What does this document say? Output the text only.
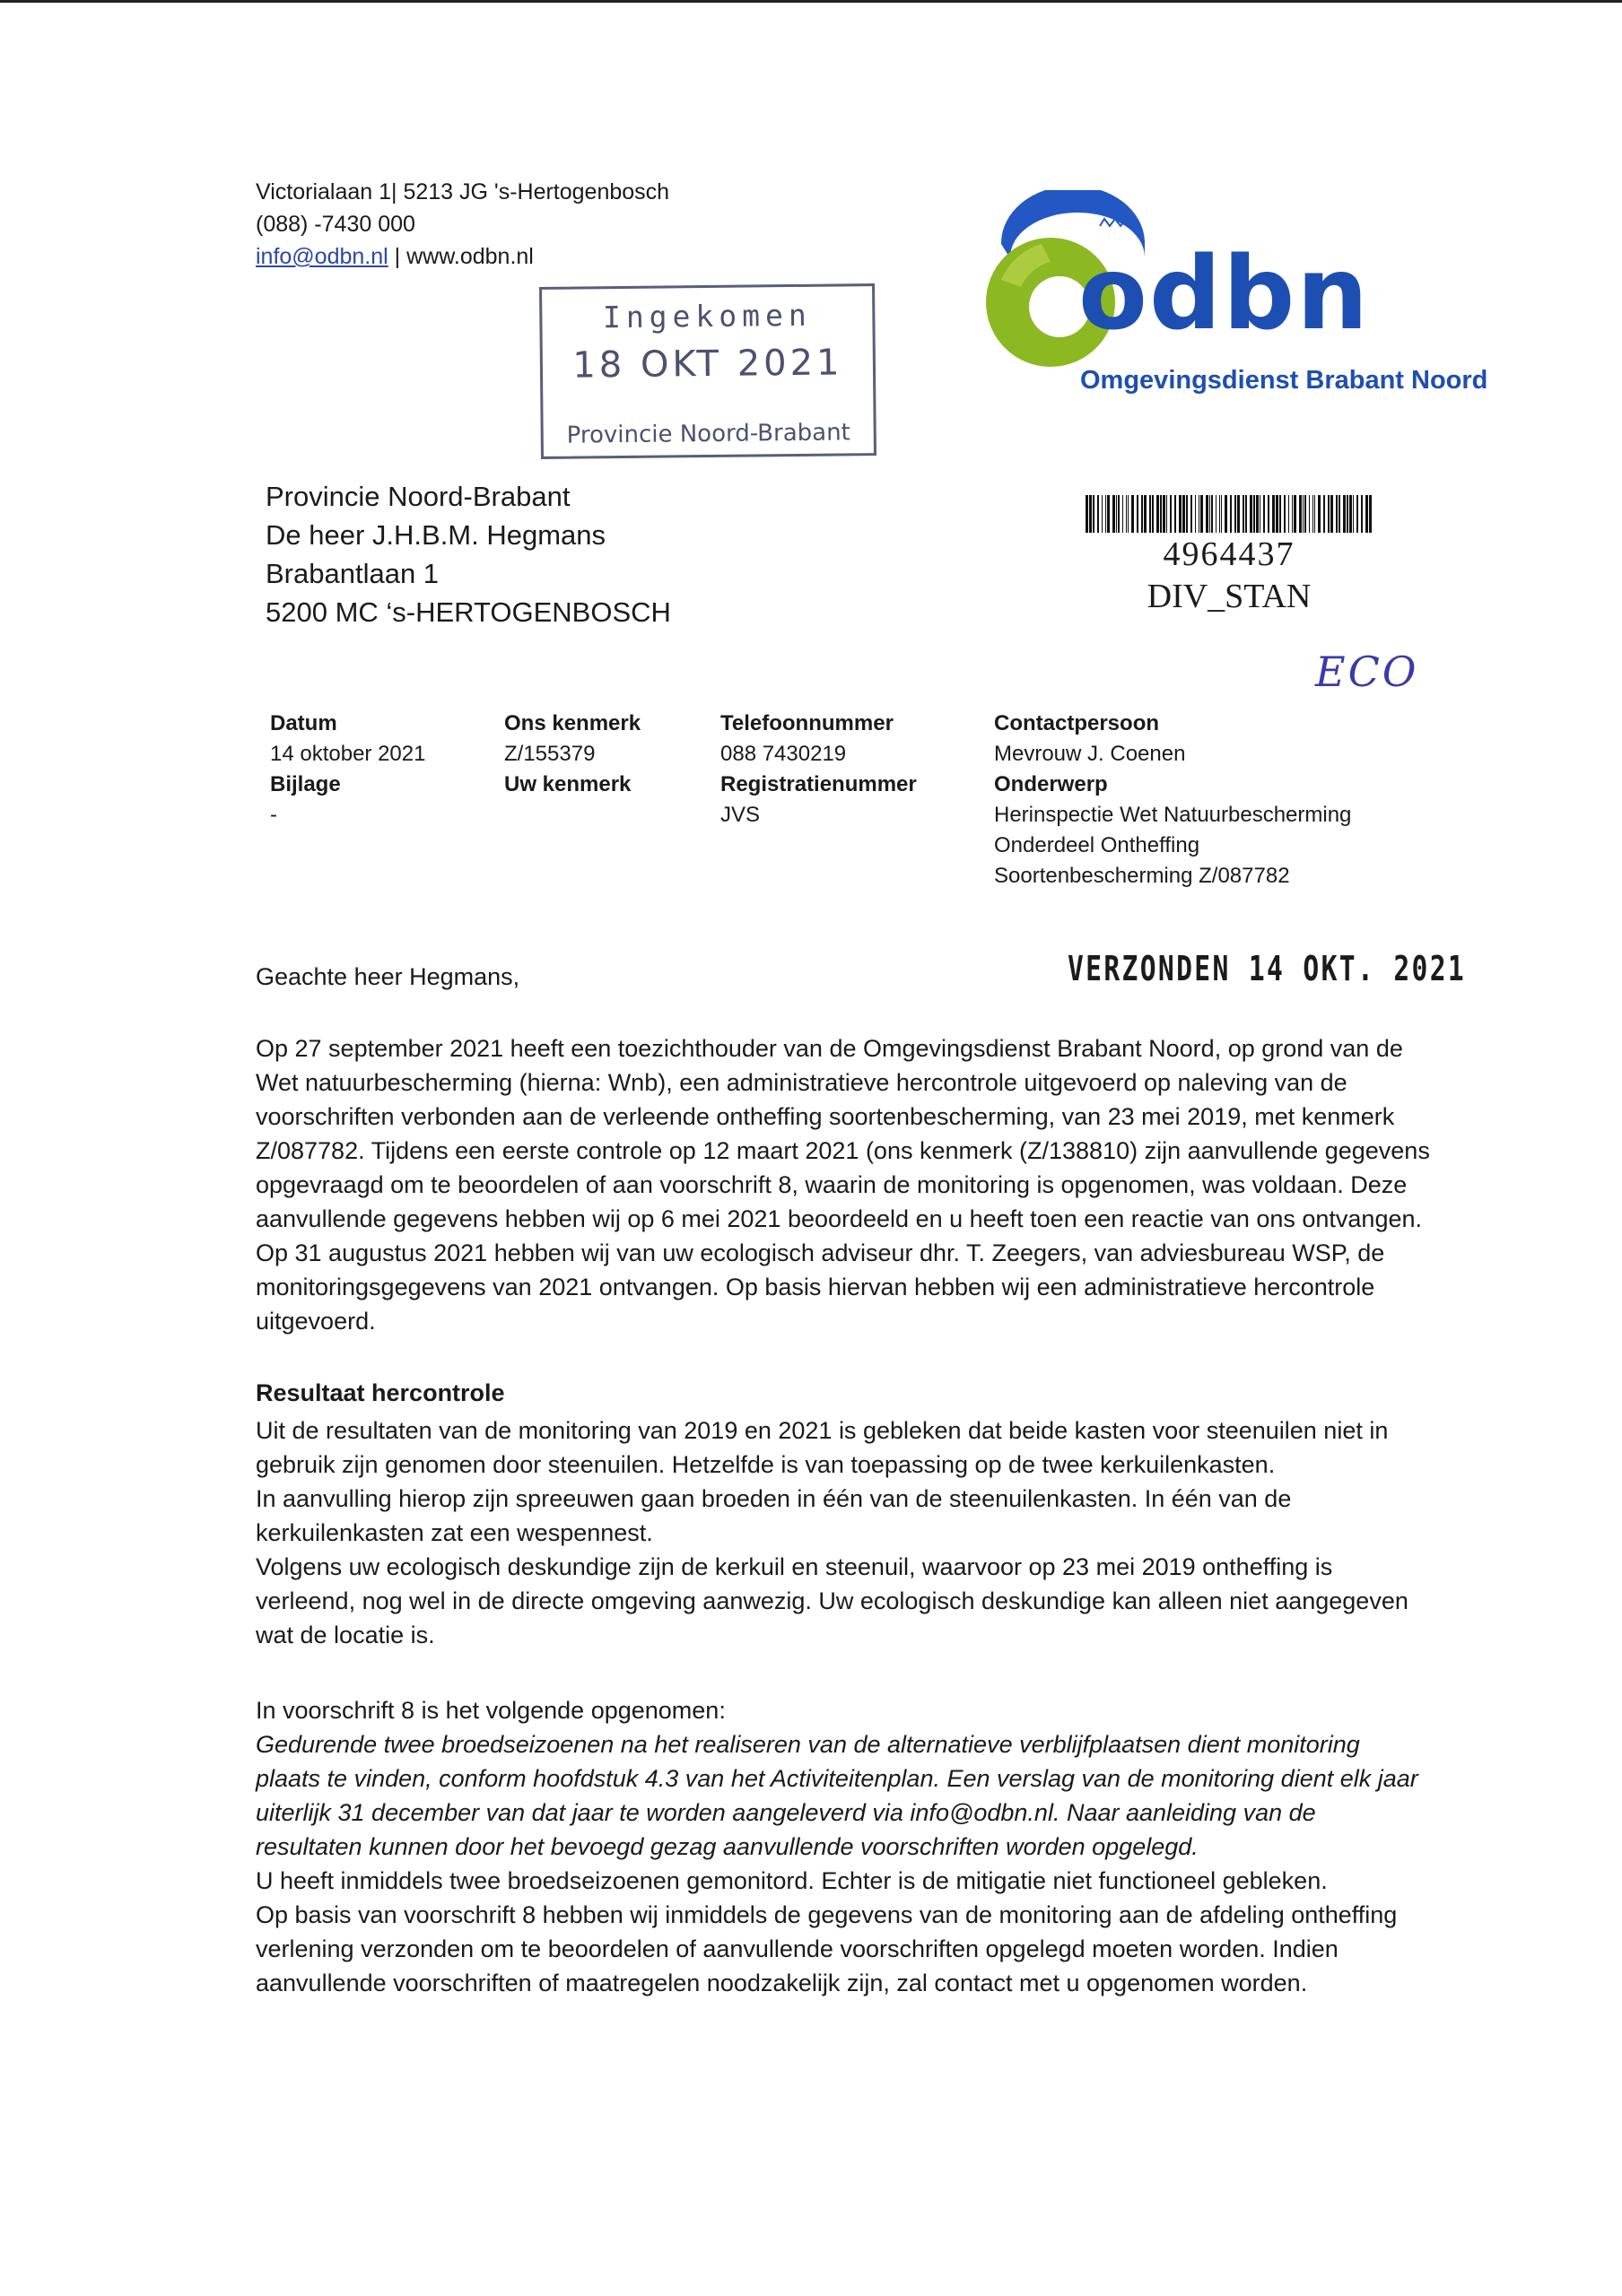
Victorialaan 1| 5213 JG 's-Hertogenbosch
(088) -7430 000
info@odbn.nl | www.odbn.nl
Ingekomen
18 OKT 2021
Provincie Noord-Brabant
odbn
Omgevingsdienst Brabant Noord
Provincie Noord-Brabant
De heer J.H.B.M. Hegmans
Brabantlaan 1
5200 MC ‘s-HERTOGENBOSCH
4964437
DIV_STAN
ECO
Datum
14 oktober 2021
Bijlage
-
Ons kenmerk
Z/155379
Uw kenmerk
Telefoonnummer
088 7430219
Registratienummer
JVS
Contactpersoon
Mevrouw J. Coenen
Onderwerp
Herinspectie Wet Natuurbescherming
Onderdeel Ontheffing
Soortenbescherming Z/087782
Geachte heer Hegmans,	VERZONDEN 14 OKT. 2021

Op 27 september 2021 heeft een toezichthouder van de Omgevingsdienst Brabant Noord, op grond van de
Wet natuurbescherming (hierna: Wnb), een administratieve hercontrole uitgevoerd op naleving van de
voorschriften verbonden aan de verleende ontheffing soortenbescherming, van 23 mei 2019, met kenmerk
Z/087782. Tijdens een eerste controle op 12 maart 2021 (ons kenmerk (Z/138810) zijn aanvullende gegevens
opgevraagd om te beoordelen of aan voorschrift 8, waarin de monitoring is opgenomen, was voldaan. Deze
aanvullende gegevens hebben wij op 6 mei 2021 beoordeeld en u heeft toen een reactie van ons ontvangen.
Op 31 augustus 2021 hebben wij van uw ecologisch adviseur dhr. T. Zeegers, van adviesbureau WSP, de
monitoringsgegevens van 2021 ontvangen. Op basis hiervan hebben wij een administratieve hercontrole
uitgevoerd.

Resultaat hercontrole

Uit de resultaten van de monitoring van 2019 en 2021 is gebleken dat beide kasten voor steenuilen niet in
gebruik zijn genomen door steenuilen. Hetzelfde is van toepassing op de twee kerkuilenkasten.
In aanvulling hierop zijn spreeuwen gaan broeden in één van de steenuilenkasten. In één van de
kerkuilenkasten zat een wespennest.
Volgens uw ecologisch deskundige zijn de kerkuil en steenuil, waarvoor op 23 mei 2019 ontheffing is
verleend, nog wel in de directe omgeving aanwezig. Uw ecologisch deskundige kan alleen niet aangegeven
wat de locatie is.

In voorschrift 8 is het volgende opgenomen:

Gedurende twee broedseizoenen na het realiseren van de alternatieve verblijfplaatsen dient monitoring
plaats te vinden, conform hoofdstuk 4.3 van het Activiteitenplan. Een verslag van de monitoring dient elk jaar
uiterlijk 31 december van dat jaar te worden aangeleverd via info@odbn.nl. Naar aanleiding van de
resultaten kunnen door het bevoegd gezag aanvullende voorschriften worden opgelegd.

U heeft inmiddels twee broedseizoenen gemonitord. Echter is de mitigatie niet functioneel gebleken.
Op basis van voorschrift 8 hebben wij inmiddels de gegevens van de monitoring aan de afdeling ontheffing
verlening verzonden om te beoordelen of aanvullende voorschriften opgelegd moeten worden. Indien
aanvullende voorschriften of maatregelen noodzakelijk zijn, zal contact met u opgenomen worden.
